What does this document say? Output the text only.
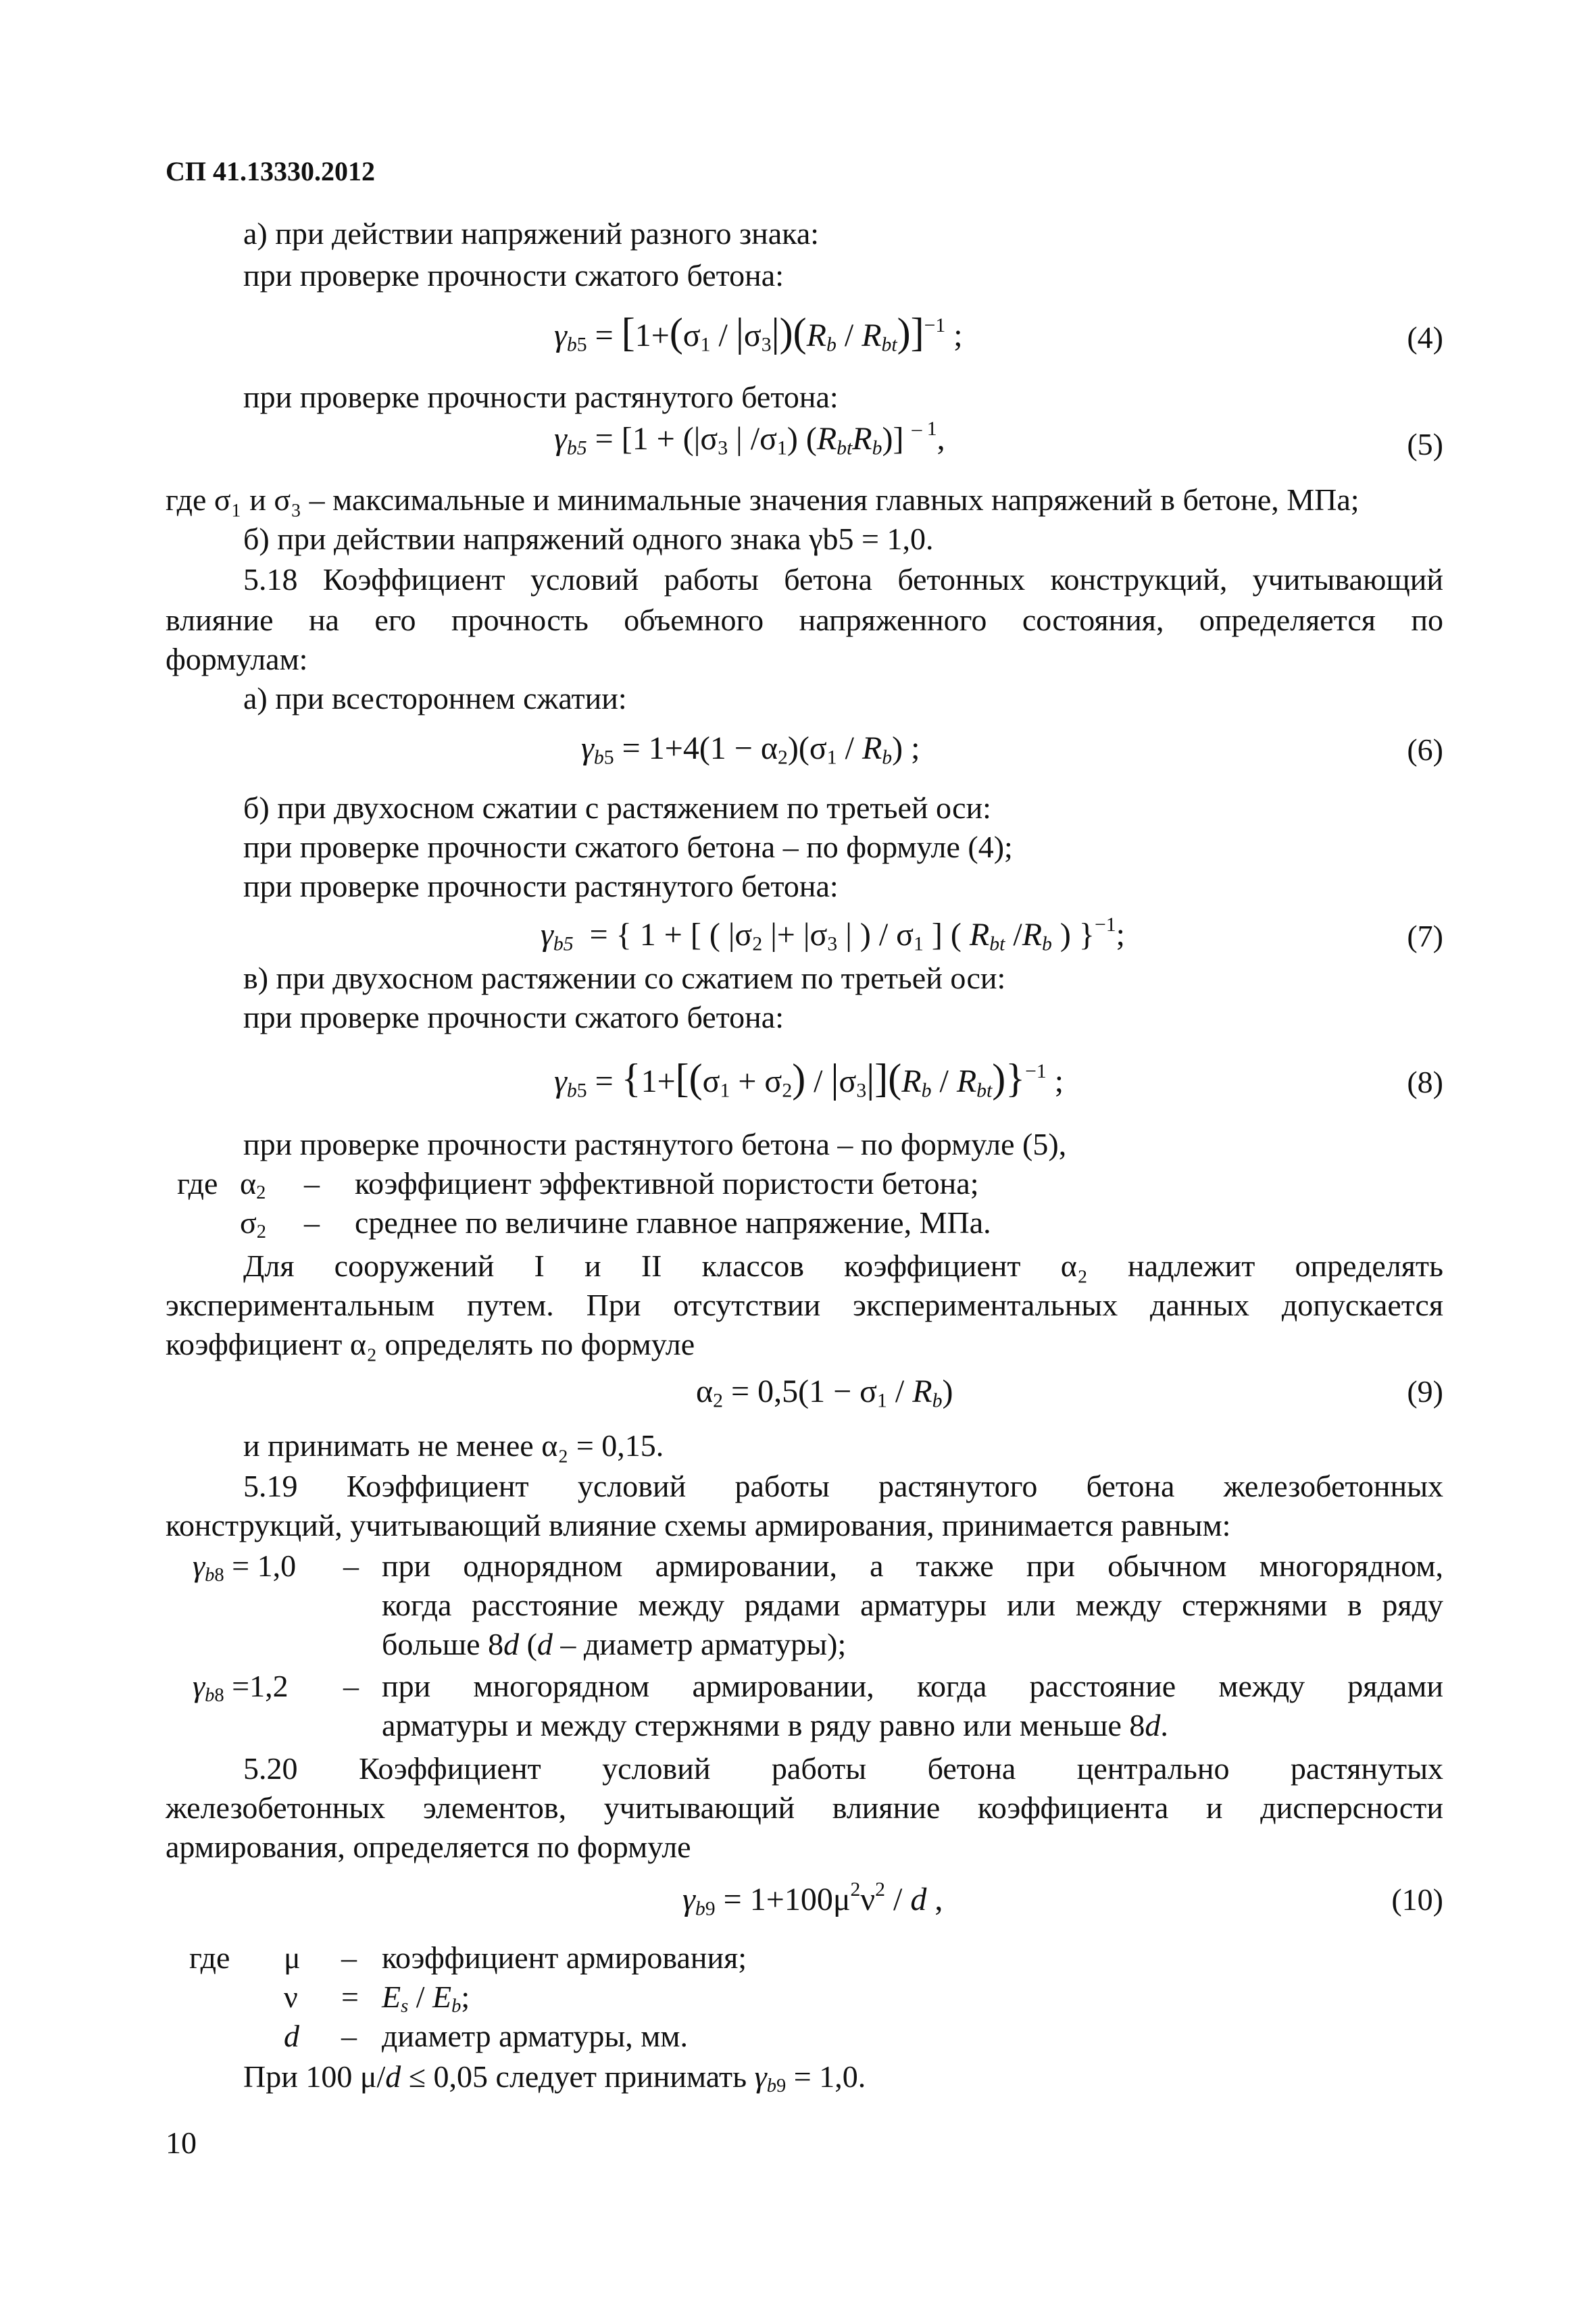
СП 41.13330.2012
а) при действии напряжений разного знака:
при проверке прочности сжатого бетона:
$\gamma_{b5} = [1+(\sigma_1 / |\sigma_3|)(R_b / R_{bt})]^{-1}$ ;	(4)
при проверке прочности растянутого бетона:
$\gamma_{b5} = [1 + (|\sigma_3$ | $/\sigma_1$) $(R_{bt}R_b)$] $^{- 1}$,	(5)
где σ₁ и σ₃ – максимальные и минимальные значения главных напряжений в бетоне, МПа;
б) при действии напряжений одного знака γb5 = 1,0.
5.18 Коэффициент условий работы бетона бетонных конструкций, учитывающий
влияние на его прочность объемного напряженного состояния, определяется по
формулам:
а) при всестороннем сжатии:
$\gamma_{b5} = 1+4(1 - \alpha_2)(\sigma_1 / R_b)$ ;	(6)
б) при двухосном сжатии с растяжением по третьей оси:
при проверке прочности сжатого бетона – по формуле (4);
при проверке прочности растянутого бетона:
$\gamma_{b5}$  = { 1 + [ ( $|\sigma_2$ |+ $|\sigma_3$ | ) / $\sigma_1$ ] ( $R_{bt}$ $/R_b$ ) }$^{-1}$;	(7)
в) при двухосном растяжении со сжатием по третьей оси:
при проверке прочности сжатого бетона:
$\gamma_{b5} = \{1+[(\sigma_1 + \sigma_2) / |\sigma_3|](R_b / R_{bt})\}^{-1}$ ;	(8)
при проверке прочности растянутого бетона – по формуле (5),
где $\alpha_2$ – коэффициент эффективной пористости бетона;
$\sigma_2$ – среднее по величине главное напряжение, МПа.
Для сооружений I и II классов коэффициент α₂ надлежит определять
экспериментальным путем. При отсутствии экспериментальных данных допускается
коэффициент α₂ определять по формуле
$\alpha_2 = 0,5(1 - \sigma_1 / R_b)$	(9)
и принимать не менее α₂ = 0,15.
5.19 Коэффициент условий работы растянутого бетона железобетонных
конструкций, учитывающий влияние схемы армирования, принимается равным:
$\gamma_{b8} = 1,0$ – при однорядном армировании, а также при обычном многорядном,
когда расстояние между рядами арматуры или между стержнями в ряду
больше 8d (d – диаметр арматуры);
$\gamma_{b8} =1,2$ – при многорядном армировании, когда расстояние между рядами
арматуры и между стержнями в ряду равно или меньше 8d.
5.20 Коэффициент условий работы бетона центрально растянутых
железобетонных элементов, учитывающий влияние коэффициента и дисперсности
армирования, определяется по формуле
$\gamma_{b9} = 1+100\mu^2\nu^2 / d$ ,	(10)
где μ – коэффициент армирования;
$\nu = E_s / E_b$;
d – диаметр арматуры, мм.
При 100 μ/d ≤ 0,05 следует принимать $\gamma_{b9} = 1,0$.
10
